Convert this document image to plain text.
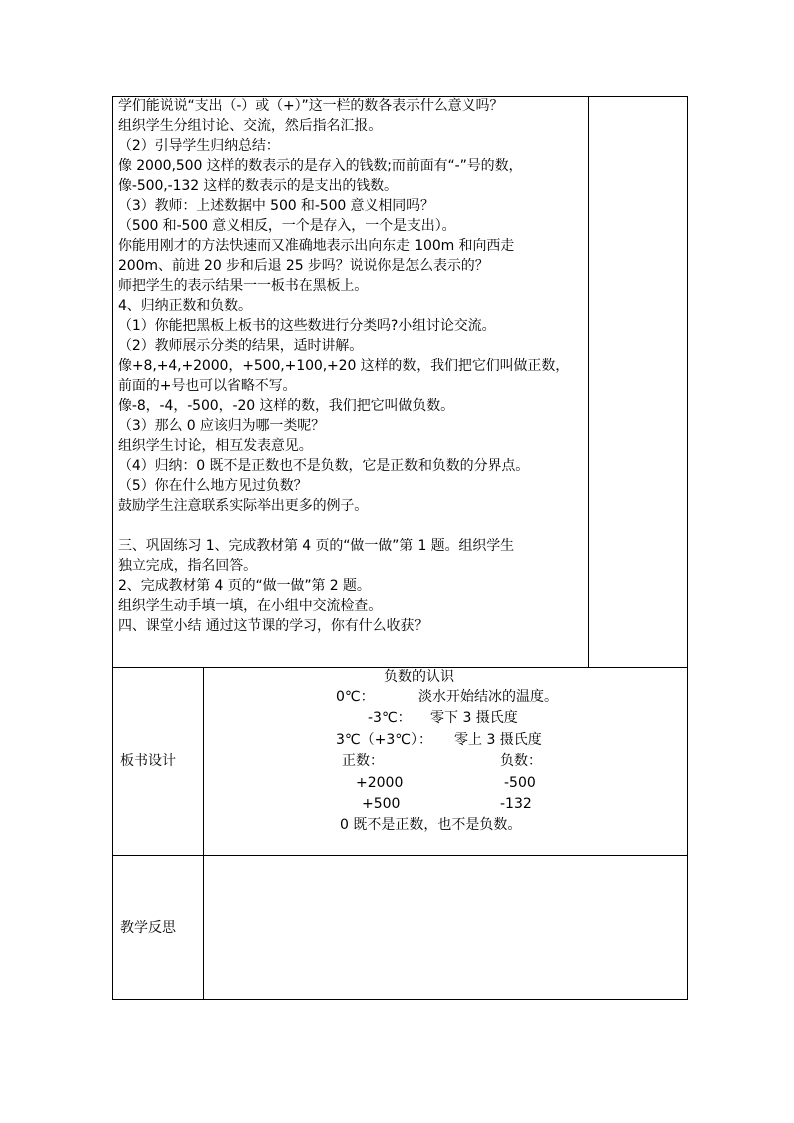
学们能说说“支出（-）或（+）”这一栏的数各表示什么意义吗？
组织学生分组讨论、交流，然后指名汇报。
（2）引导学生归纳总结：
像 2000,500 这样的数表示的是存入的钱数;而前面有“-”号的数，
像-500,-132 这样的数表示的是支出的钱数。
（3）教师：上述数据中 500 和-500 意义相同吗？
（500 和-500 意义相反，一个是存入，一个是支出）。
你能用刚才的方法快速而又准确地表示出向东走 100m 和向西走
200m、前进 20 步和后退 25 步吗？说说你是怎么表示的？
师把学生的表示结果一一板书在黑板上。
4、归纳正数和负数。
（1）你能把黑板上板书的这些数进行分类吗?小组讨论交流。
（2）教师展示分类的结果，适时讲解。
像+8,+4,+2000，+500,+100,+20 这样的数，我们把它们叫做正数，
前面的+号也可以省略不写。
像-8，-4，-500，-20 这样的数，我们把它叫做负数。
（3）那么 0 应该归为哪一类呢？
组织学生讨论，相互发表意见。
（4）归纳：0 既不是正数也不是负数，它是正数和负数的分界点。
（5）你在什么地方见过负数？
鼓励学生注意联系实际举出更多的例子。
三、巩固练习 1、完成教材第 4 页的“做一做”第 1 题。组织学生
独立完成，指名回答。
2、完成教材第 4 页的“做一做”第 2 题。
组织学生动手填一填，在小组中交流检查。
四、课堂小结 通过这节课的学习，你有什么收获？
板书设计
负数的认识
0℃：	淡水开始结冰的温度。
-3℃： 零下 3 摄氏度
3℃（+3℃）： 零上 3 摄氏度
正数：	负数：
+2000	-500
+500	-132
0 既不是正数，也不是负数。
教学反思
